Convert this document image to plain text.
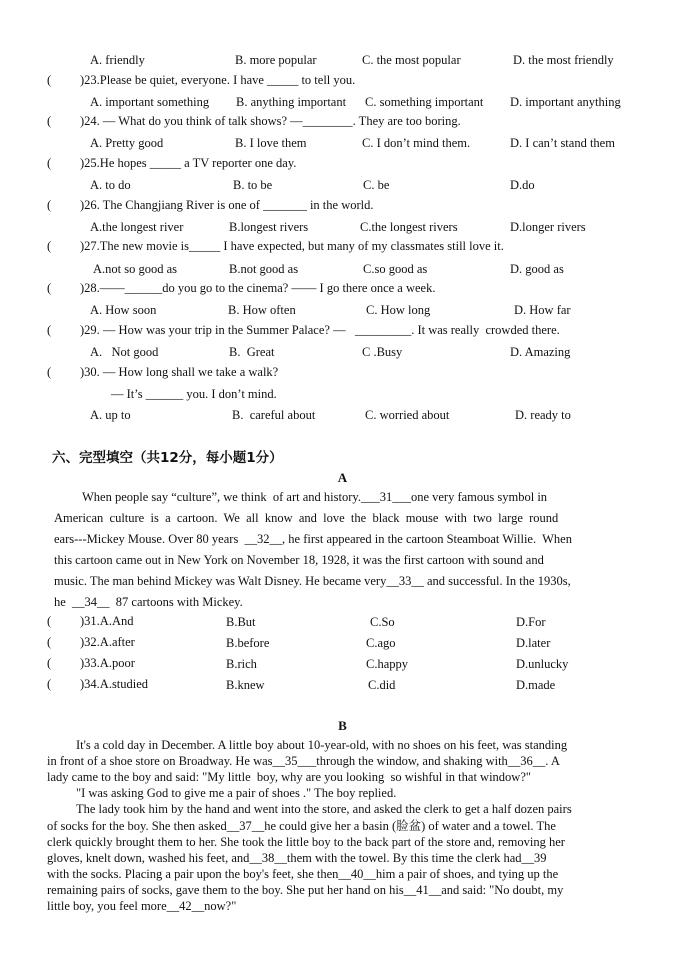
A. friendly	B. more popular	C. the most popular	D. the most friendly
( )23.Please be quiet, everyone. I have _____ to tell you.
A. important something B. anything important C. something important D. important anything
( )24. — What do you think of talk shows? —________. They are too boring.
A. Pretty good	B. I love them	C. I don’t mind them.	D. I can’t stand them
( )25.He hopes _____ a TV reporter one day.
A. to do	B. to be	C. be	D.do
( )26. The Changjiang River is one of _______ in the world.
A.the longest river	B.longest rivers	C.the longest rivers	D.longer rivers
( )27.The new movie is_____ I have expected, but many of my classmates still love it.
A.not so good as	B.not good as	C.so good as	D. good as
( )28.——______do you go to the cinema? —— I go there once a week.
A. How soon	B. How often	C. How long	D. How far
( )29. — How was your trip in the Summer Palace? —   _________. It was really  crowded there.
A.   Not good	B.  Great	C .Busy	D. Amazing
( )30. — How long shall we take a walk?
— It’s ______ you. I don’t mind.
A. up to	B.  careful about	C. worried about	D. ready to
六、完型填空（共12分，每小题1分）
A
When people say “culture”, we think  of art and history.___31___one very famous symbol in
American  culture  is  a  cartoon.  We  all  know  and  love  the  black  mouse  with  two  large  round
ears---Mickey Mouse. Over 80 years  __32__, he first appeared in the cartoon Steamboat Willie.  When
this cartoon came out in New York on November 18, 1928, it was the first cartoon with sound and
music. The man behind Mickey was Walt Disney. He became very__33__ and successful. In the 1930s,
he  __34__  87 cartoons with Mickey.
( )31.A.And	B.But	C.So	D.For
( )32.A.after	B.before	C.ago	D.later
( )33.A.poor	B.rich	C.happy	D.unlucky
( )34.A.studied	B.knew	C.did	D.made
B
It's a cold day in December. A little boy about 10-year-old, with no shoes on his feet, was standing
in front of a shoe store on Broadway. He was__35___through the window, and shaking with__36__. A
lady came to the boy and said: "My little  boy, why are you looking  so wishful in that window?"
"I was asking God to give me a pair of shoes ." The boy replied.
The lady took him by the hand and went into the store, and asked the clerk to get a half dozen pairs
of socks for the boy. She then asked__37__he could give her a basin (脸盆) of water and a towel. The
clerk quickly brought them to her. She took the little boy to the back part of the store and, removing her
gloves, knelt down, washed his feet, and__38__them with the towel. By this time the clerk had__39
with the socks. Placing a pair upon the boy's feet, she then__40__him a pair of shoes, and tying up the
remaining pairs of socks, gave them to the boy. She put her hand on his__41__and said: "No doubt, my
little boy, you feel more__42__now?"
